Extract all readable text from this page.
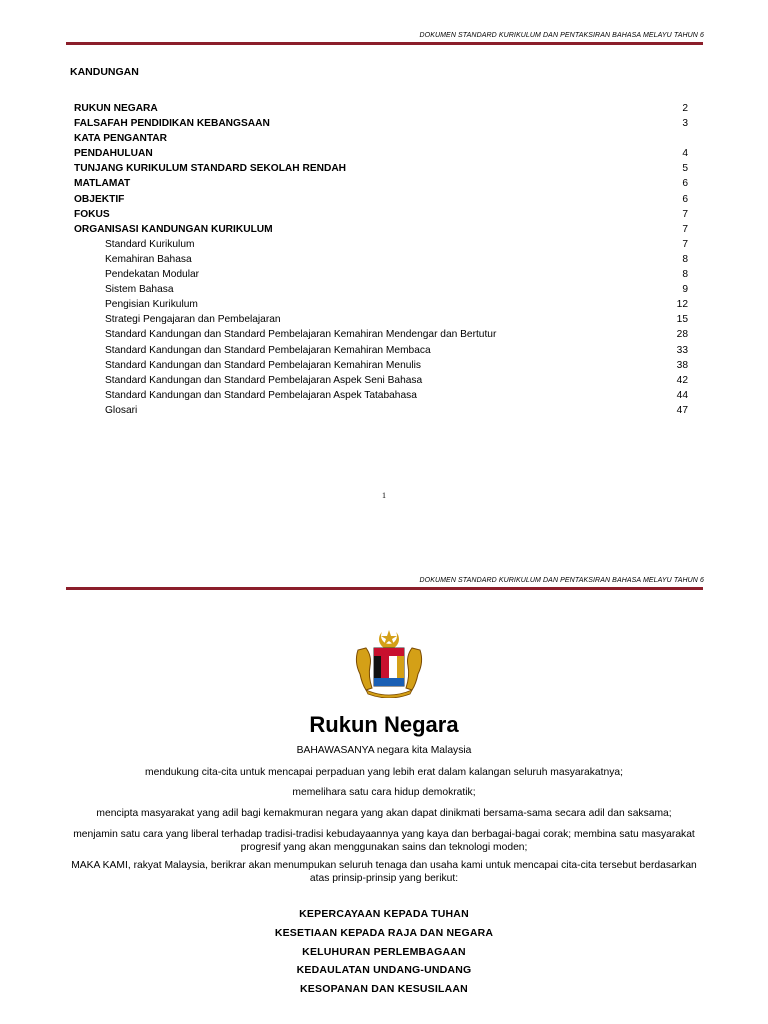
DOKUMEN STANDARD KURIKULUM DAN PENTAKSIRAN BAHASA MELAYU TAHUN 6
KANDUNGAN
RUKUN NEGARA	2
FALSAFAH PENDIDIKAN KEBANGSAAN	3
KATA PENGANTAR
PENDAHULUAN	4
TUNJANG KURIKULUM STANDARD SEKOLAH RENDAH	5
MATLAMAT	6
OBJEKTIF	6
FOKUS	7
ORGANISASI KANDUNGAN KURIKULUM	7
Standard Kurikulum	7
Kemahiran Bahasa	8
Pendekatan Modular	8
Sistem Bahasa	9
Pengisian Kurikulum	12
Strategi Pengajaran dan Pembelajaran	15
Standard Kandungan dan Standard Pembelajaran Kemahiran Mendengar dan Bertutur	28
Standard Kandungan dan Standard Pembelajaran Kemahiran Membaca	33
Standard Kandungan dan Standard Pembelajaran Kemahiran Menulis	38
Standard Kandungan dan Standard Pembelajaran Aspek Seni Bahasa	42
Standard Kandungan dan Standard Pembelajaran Aspek Tatabahasa	44
Glosari	47
1
DOKUMEN STANDARD KURIKULUM DAN PENTAKSIRAN BAHASA MELAYU TAHUN 6
Rukun Negara
BAHAWASANYA negara kita Malaysia
mendukung cita-cita untuk mencapai perpaduan yang lebih erat dalam kalangan seluruh masyarakatnya;
memelihara satu cara hidup demokratik;
mencipta masyarakat yang adil bagi kemakmuran negara yang akan dapat dinikmati bersama-sama secara adil dan saksama;
menjamin satu cara yang liberal terhadap tradisi-tradisi kebudayaannya yang kaya dan berbagai-bagai corak; membina satu masyarakat progresif yang akan menggunakan sains dan teknologi moden;
MAKA KAMI, rakyat Malaysia, berikrar akan menumpukan seluruh tenaga dan usaha kami untuk mencapai cita-cita tersebut berdasarkan atas prinsip-prinsip yang berikut:
KEPERCAYAAN KEPADA TUHAN
KESETIAAN KEPADA RAJA DAN NEGARA
KELUHURAN PERLEMBAGAAN
KEDAULATAN UNDANG-UNDANG
KESOPANAN DAN KESUSILAAN
